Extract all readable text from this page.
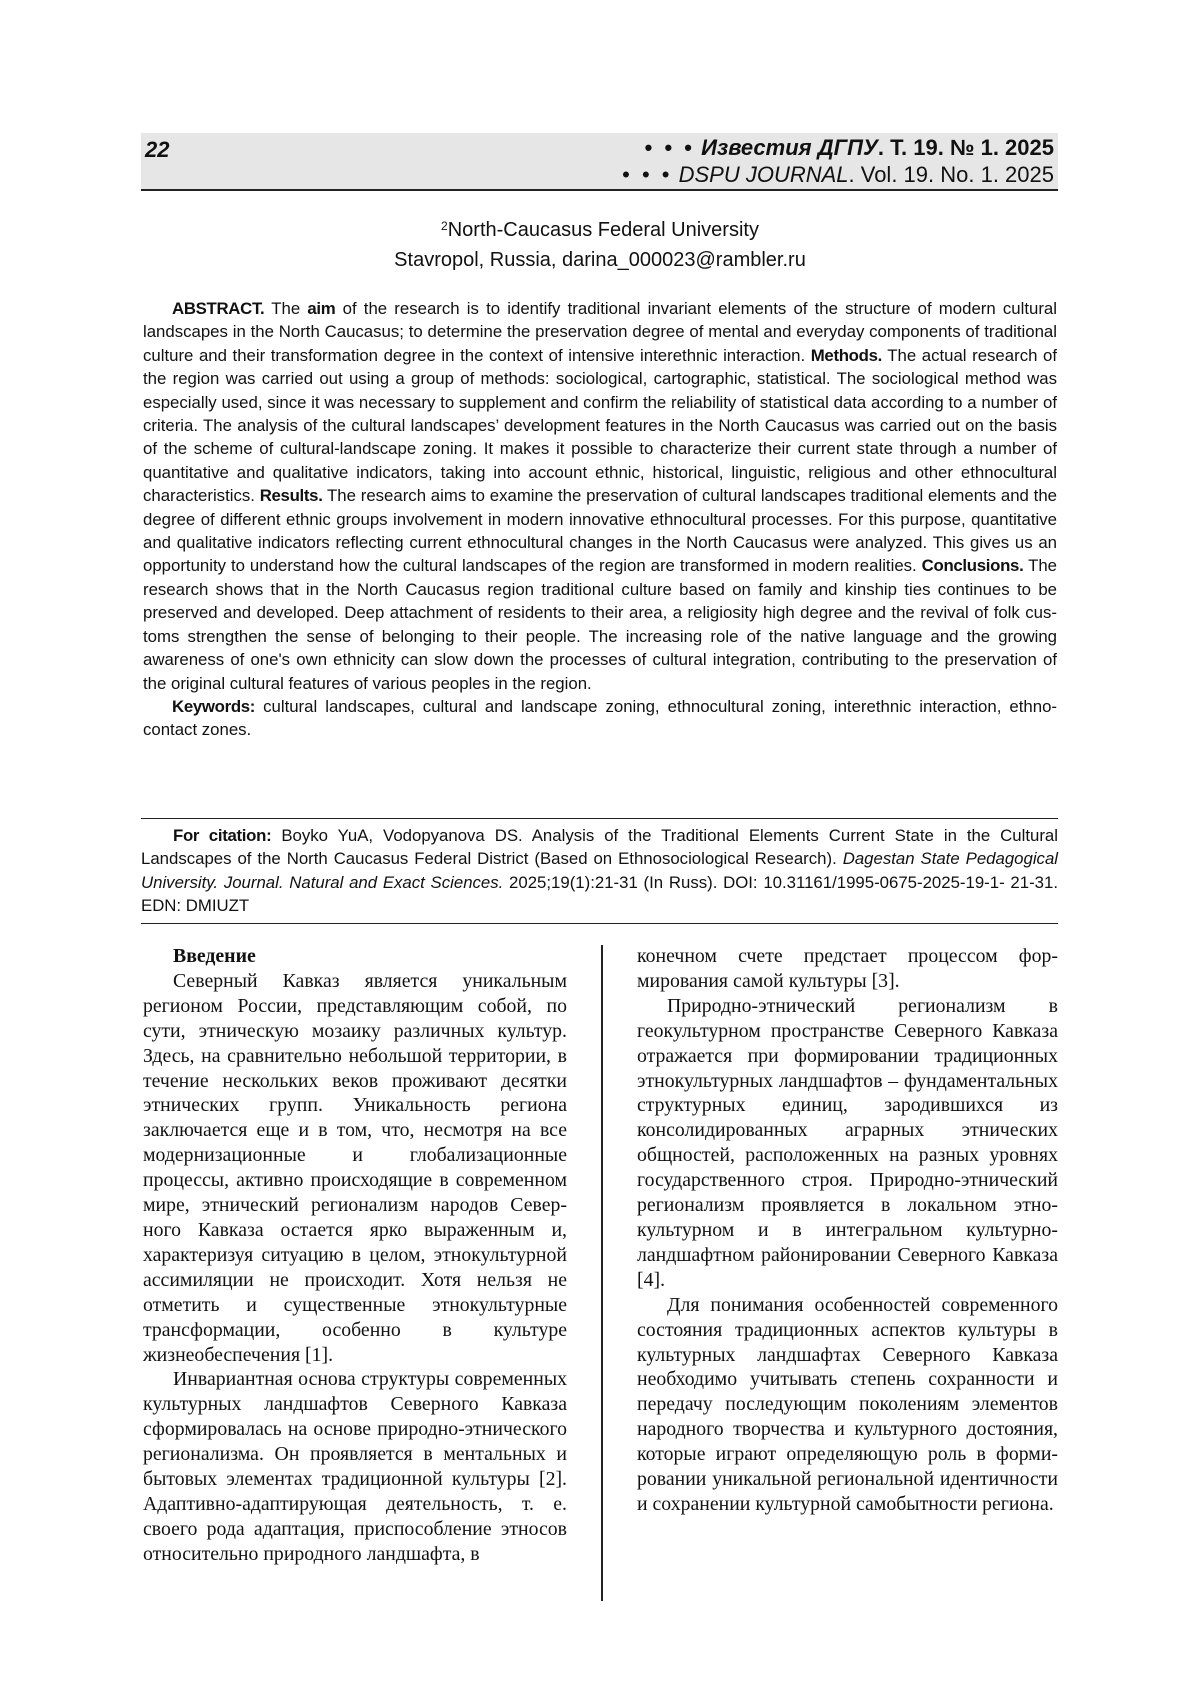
22	• • • Известия ДГПУ. Т. 19. № 1. 2025
• • • DSPU JOURNAL. Vol. 19. No. 1. 2025
2North-Caucasus Federal University
Stavropol, Russia, darina_000023@rambler.ru

ABSTRACT. The aim of the research is to identify traditional invariant elements of the structure of modern cultural landscapes in the North Caucasus; to determine the preservation degree of mental and everyday components of traditional culture and their transformation degree in the context of intensive interethnic in­teraction. Methods. The actual research of the region was carried out using a group of methods: sociological, cartographic, statistical. The sociological method was especially used, since it was necessary to supplement and confirm the reliability of statistical data according to a number of criteria. The analysis of the cultural landscapes’ development features in the North Caucasus was carried out on the basis of the scheme of cultural-landscape zoning. It makes it possible to characterize their current state through a number of quan­titative and qualitative indicators, taking into account ethnic, historical, linguistic, religious and other eth­nocultural characteristics. Results. The research aims to examine the preservation of cultural landscapes traditional elements and the degree of different ethnic groups involvement in modern innovative ethnocul­tural processes. For this purpose, quantitative and qualitative indicators reflecting current ethnocultural changes in the North Caucasus were analyzed. This gives us an opportunity to understand how the cultural landscapes of the region are transformed in modern realities. Conclusions. The research shows that in the North Caucasus region traditional culture based on family and kinship ties continues to be preserved and developed. Deep attachment of residents to their area, a religiosity high degree and the revival of folk cus­toms strengthen the sense of belonging to their people. The increasing role of the native language and the growing awareness of one's own ethnicity can slow down the processes of cultural integration, contributing to the preservation of the original cultural features of various peoples in the region.

Keywords: cultural landscapes, cultural and landscape zoning, ethnocultural zoning, interethnic interac­tion, ethno-contact zones.

For citation: Boyko YuA, Vodopyanova DS. Analysis of the Traditional Elements Current State in the Cultural Landscapes of the North Caucasus Federal District (Based on Ethnosociological Research). Dagestan State Pedagogical University. Journal. Natural and Exact Sciences. 2025;19(1):21-31 (In Russ). DOI: 10.31161/1995-0675-2025-19-1- 21-31. EDN: DMIUZT

Введение

Северный Кавказ является уникальным регионом России, представляющим собой, по сути, этническую мозаику различных культур. Здесь, на сравнительно неболь­шой территории, в течение нескольких ве­ков проживают десятки этнических групп. Уникальность региона заключается еще и в том, что, несмотря на все модернизацион­ные и глобализационные процессы, ак­тивно происходящие в современном мире, этнический регионализм народов Север­ного Кавказа остается ярко выраженным и, характеризуя ситуацию в целом, этнокуль­турной ассимиляции не происходит. Хотя нельзя не отметить и существенные этно­культурные трансформации, особенно в культуре жизнеобеспечения [1].

Инвариантная основа структуры совре­менных культурных ландшафтов Северного Кавказа сформировалась на основе при­родно-этнического регионализма. Он про­является в ментальных и бытовых элементах традиционной культуры [2]. Адаптивно-адаптирующая деятельность, т. е. своего рода адаптация, приспособление этносов от­носительно природного ландшафта, в

конечном счете предстает процессом фор­мирования самой культуры [3].

Природно-этнический регионализм в геокультурном пространстве Северного Кавказа отражается при формировании традиционных этнокультурных ландшаф­тов – фундаментальных структурных еди­ниц, зародившихся из консолидированных аграрных этнических общностей, располо­женных на разных уровнях государствен­ного строя. Природно-этнический регио­нализм проявляется в локальном этно­культурном и в интегральном культурно-ландшафтном районировании Северного Кавказа [4].

Для понимания особенностей совре­менного состояния традиционных аспек­тов культуры в культурных ландшафтах Северного Кавказа необходимо учитывать степень сохранности и передачу последую­щим поколениям элементов народного творчества и культурного достояния, кото­рые играют определяющую роль в форми­ровании уникальной региональной иден­тичности и сохранении культурной само­бытности региона.
